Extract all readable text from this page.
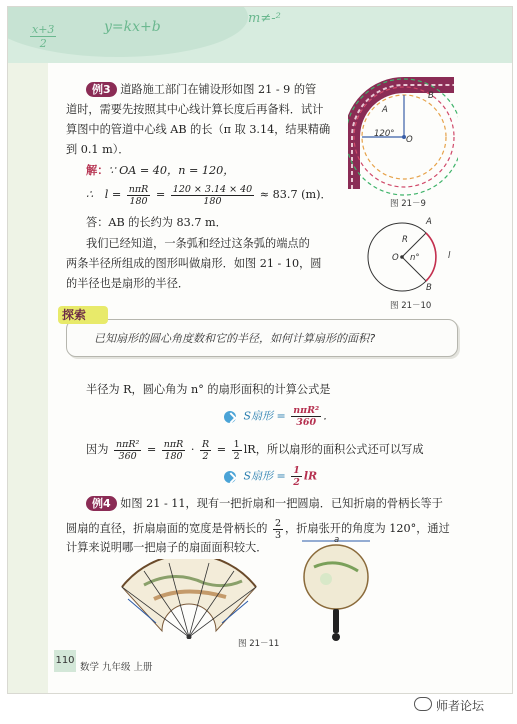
x+3
2
y=kx+b
m≠-²
例3 道路施工部门在铺设形如图 21 - 9 的管
道时，需要先按照其中心线计算长度后再备料．试计
算图中的管道中心线 AB 的长（π 取 3.14，结果精确
到 0.1 m）．
解：∵ OA = 40，n = 120，
∴ $l = \frac{\text{nπR}}{180} = \frac{120 \times 3.14 \times 40}{180} \approx 83.7$ (m)．
答：AB 的长约为 83.7 m．
我们已经知道，一条弧和经过这条弧的端点的
两条半径所组成的图形叫做扇形．如图 21 - 10，圆
的半径也是扇形的半径．
120°
O
A
B
图 21－9
A
B
O
R
n°	l
图 21－10
探索
已知扇形的圆心角度数和它的半径，如何计算扇形的面积?
半径为 R，圆心角为 n° 的扇形面积的计算公式是
S扇形 = $\frac{\text{nπR²}}{360}$ ．
因为 $\frac{\text{nπR²}}{360} = \frac{\text{nπR}}{180} \cdot \frac{R}{2} = \frac{1}{2}$ lR，所以扇形的面积公式还可以写成
S扇形 = $\frac{1}{2}$ lR
例4 如图 21 - 11，现有一把折扇和一把圆扇．已知折扇的骨柄长等于
圆扇的直径，折扇扇面的宽度是骨柄长的 $\frac{2}{3}$ ，折扇张开的角度为 120°，通过
计算来说明哪一把扇子的扇面面积较大．
a
图 21－11
110
数学 九年级 上册
师者论坛
